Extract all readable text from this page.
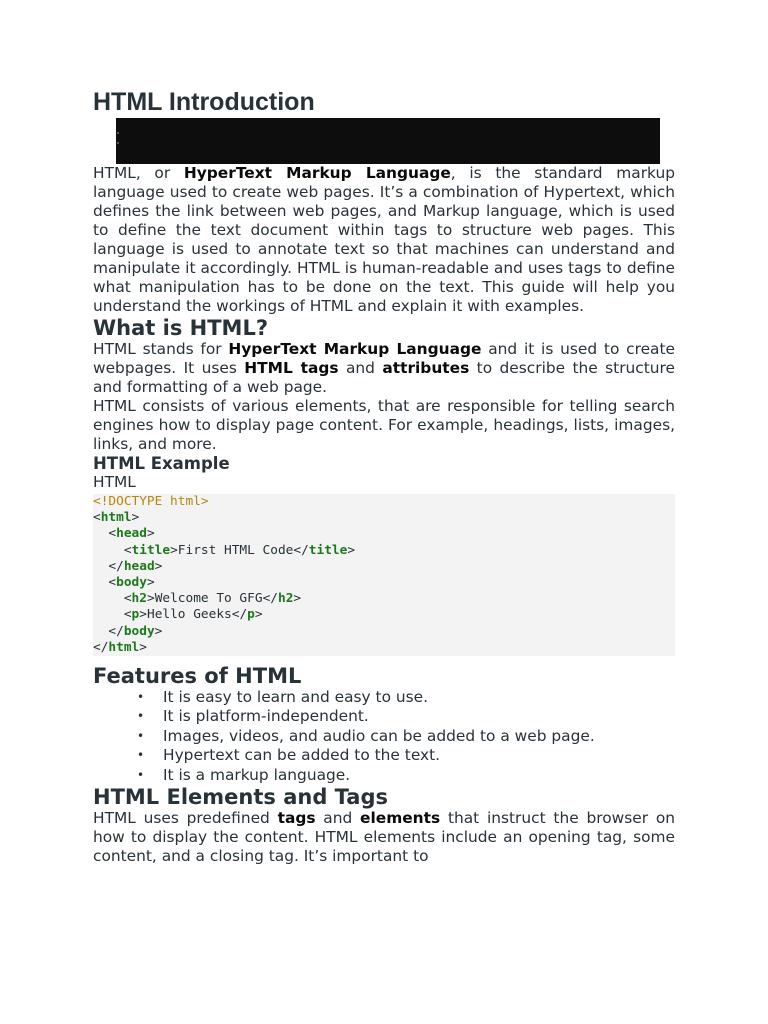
HTML Introduction

HTML, or HyperText Markup Language, is the standard markup language used to create web pages. It’s a combination of Hypertext, which defines the link between web pages, and Markup language, which is used to define the text document within tags to structure web pages. This language is used to annotate text so that machines can understand and manipulate it accordingly. HTML is human-readable and uses tags to define what manipulation has to be done on the text. This guide will help you understand the workings of HTML and explain it with examples.

What is HTML?

HTML stands for HyperText Markup Language and it is used to create webpages. It uses HTML tags and attributes to describe the structure and formatting of a web page.

HTML consists of various elements, that are responsible for telling search engines how to display page content. For example, headings, lists, images, links, and more.

HTML Example
HTML
<!DOCTYPE html>
<html>
<head>
<title>First HTML Code</title>
</head>
<body>
<h2>Welcome To GFG</h2>
<p>Hello Geeks</p>
</body>
</html>
Features of HTML
• It is easy to learn and easy to use.
• It is platform-independent.
• Images, videos, and audio can be added to a web page.
• Hypertext can be added to the text.
• It is a markup language.
HTML Elements and Tags

HTML uses predefined tags and elements that instruct the browser on how to display the content. HTML elements include an opening tag, some content, and a closing tag. It’s important to
